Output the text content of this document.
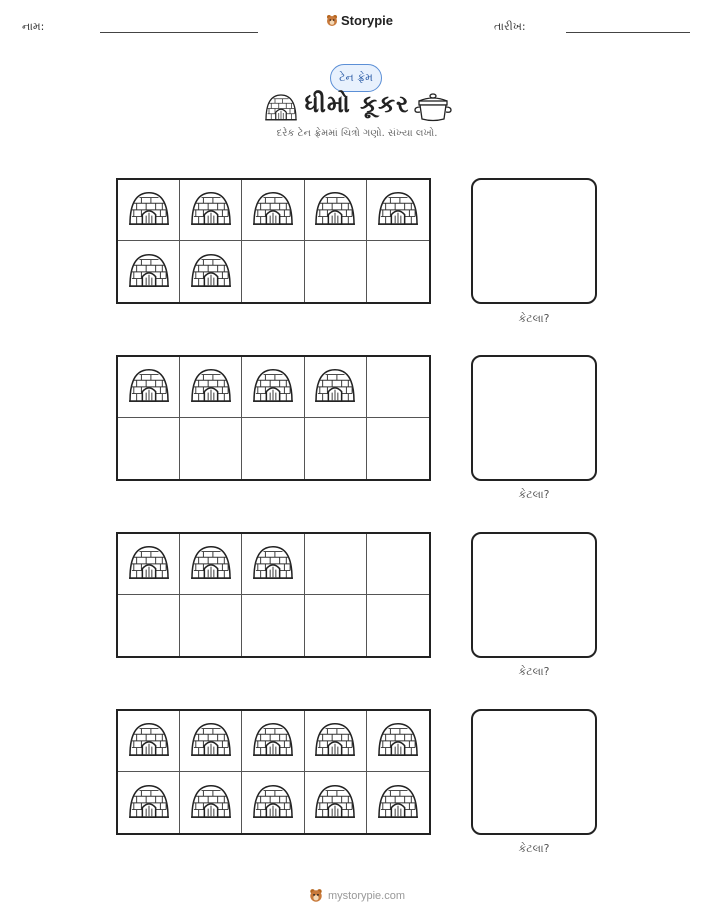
નામ:	Storypie	તારીખ:
ટેન ફ્રેમ
ધીમો કૂકર
દરેક ટેન ફ્રેમમાં ચિત્રો ગણો. સંખ્યા લખો.
કેટલા?
કેટલા?
કેટલા?
કેટલા?
mystorypie.com
